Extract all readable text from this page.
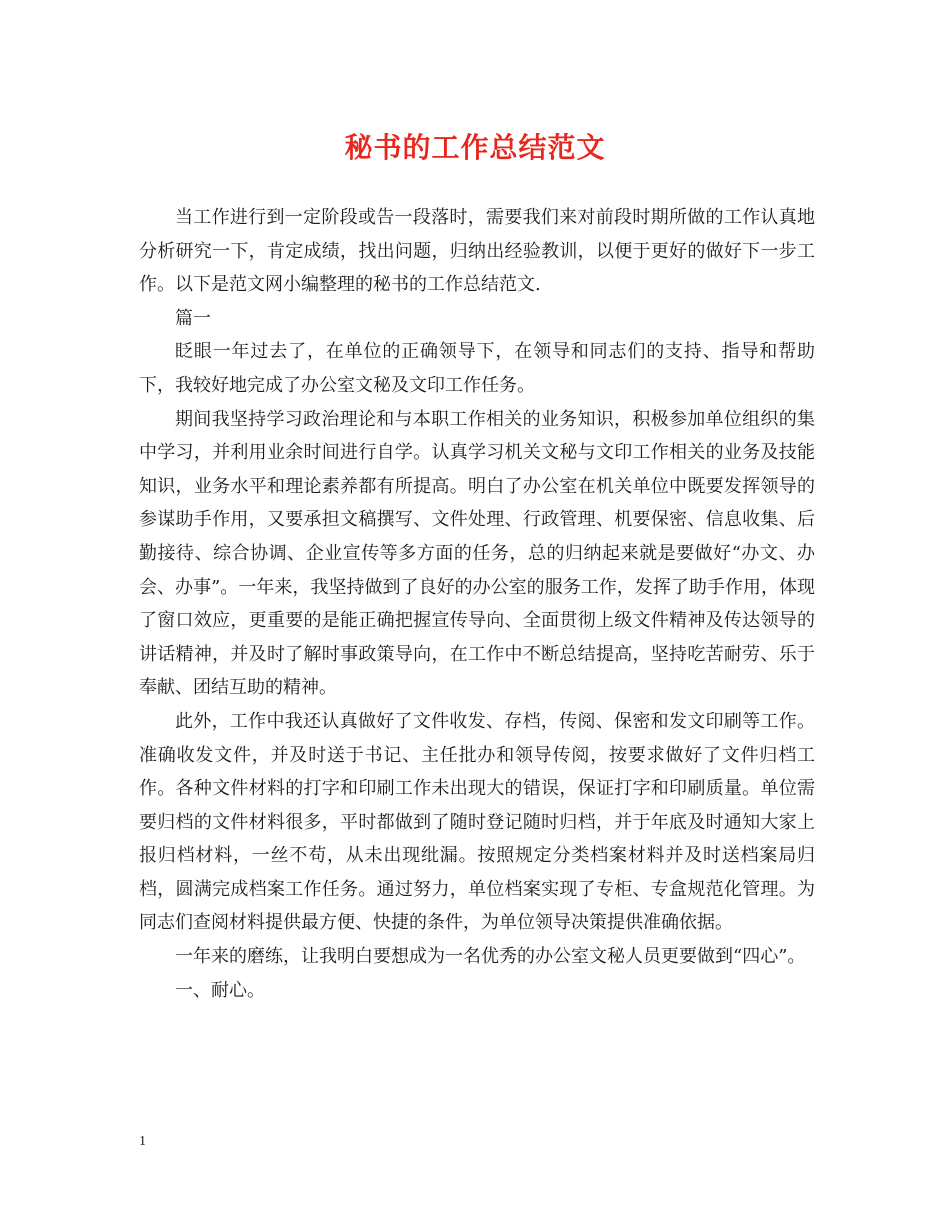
秘书的工作总结范文

当工作进行到一定阶段或告一段落时，需要我们来对前段时期所做的工作认真地分析研究一下，肯定成绩，找出问题，归纳出经验教训，以便于更好的做好下一步工作。以下是范文网小编整理的秘书的工作总结范文.

篇一

眨眼一年过去了，在单位的正确领导下，在领导和同志们的支持、指导和帮助下，我较好地完成了办公室文秘及文印工作任务。

期间我坚持学习政治理论和与本职工作相关的业务知识，积极参加单位组织的集中学习，并利用业余时间进行自学。认真学习机关文秘与文印工作相关的业务及技能知识，业务水平和理论素养都有所提高。明白了办公室在机关单位中既要发挥领导的参谋助手作用，又要承担文稿撰写、文件处理、行政管理、机要保密、信息收集、后勤接待、综合协调、企业宣传等多方面的任务，总的归纳起来就是要做好“办文、办会、办事”。一年来，我坚持做到了良好的办公室的服务工作，发挥了助手作用，体现了窗口效应，更重要的是能正确把握宣传导向、全面贯彻上级文件精神及传达领导的讲话精神，并及时了解时事政策导向，在工作中不断总结提高，坚持吃苦耐劳、乐于奉献、团结互助的精神。

此外，工作中我还认真做好了文件收发、存档，传阅、保密和发文印刷等工作。准确收发文件，并及时送于书记、主任批办和领导传阅，按要求做好了文件归档工作。各种文件材料的打字和印刷工作未出现大的错误，保证打字和印刷质量。单位需要归档的文件材料很多，平时都做到了随时登记随时归档，并于年底及时通知大家上报归档材料，一丝不苟，从未出现纰漏。按照规定分类档案材料并及时送档案局归档，圆满完成档案工作任务。通过努力，单位档案实现了专柜、专盒规范化管理。为同志们查阅材料提供最方便、快捷的条件，为单位领导决策提供准确依据。

一年来的磨练，让我明白要想成为一名优秀的办公室文秘人员更要做到“四心”。

一、耐心。

1
